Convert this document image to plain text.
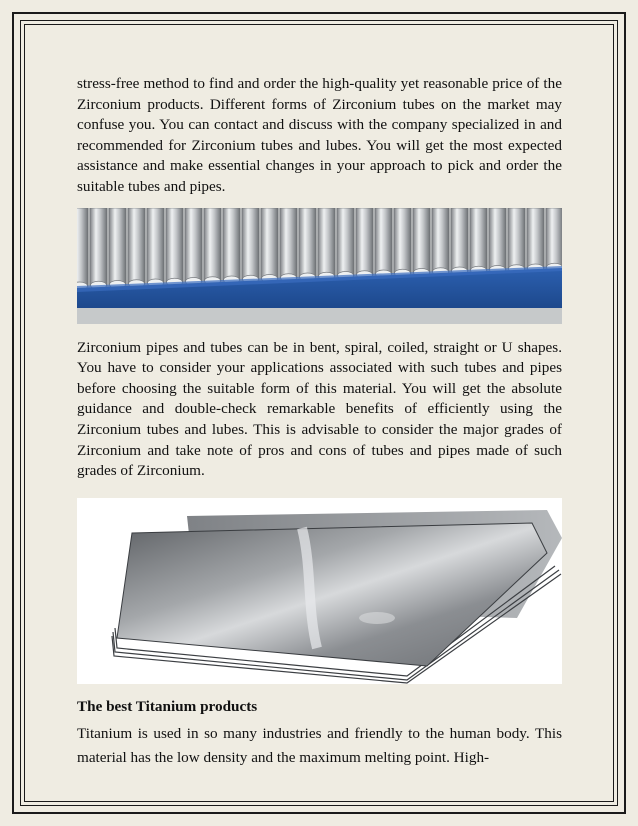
stress-free method to find and order the high-quality yet reasonable price of the Zirconium products. Different forms of Zirconium tubes on the market may confuse you. You can contact and discuss with the company specialized in and recommended for Zirconium tubes and lubes. You will get the most expected assistance and make essential changes in your approach to pick and order the suitable tubes and pipes.

Zirconium pipes and tubes can be in bent, spiral, coiled, straight or U shapes. You have to consider your applications associated with such tubes and pipes before choosing the suitable form of this material. You will get the absolute guidance and double-check remarkable benefits of efficiently using the Zirconium tubes and lubes. This is advisable to consider the major grades of Zirconium and take note of pros and cons of tubes and pipes made of such grades of Zirconium.

The best Titanium products

Titanium is used in so many industries and friendly to the human body. This material has the low density and the maximum melting point. High-
